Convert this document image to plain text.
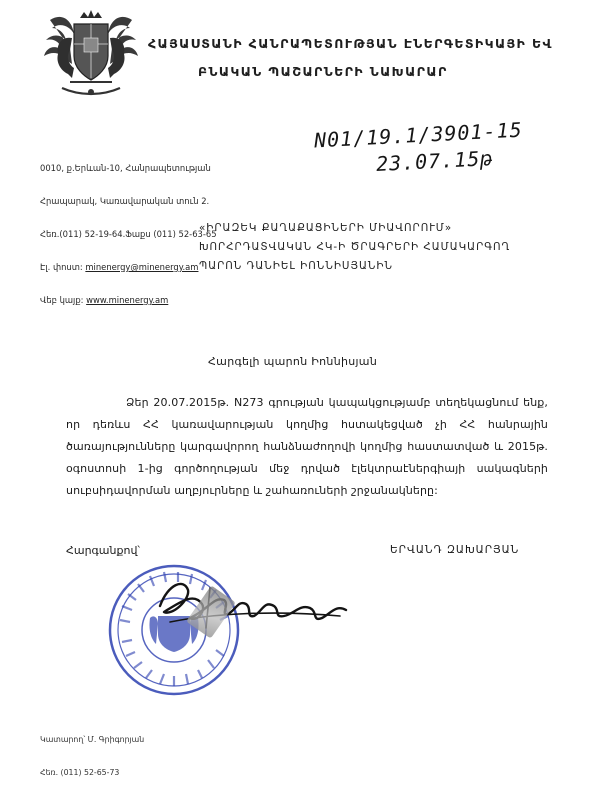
ՀԱՅԱՍՏԱՆԻ ՀԱՆՐԱՊԵՏՈՒԹՅԱՆ ԷՆԵՐԳԵՏԻԿԱՅԻ ԵՎ
ԲՆԱԿԱՆ ՊԱՇԱՐՆԵՐԻ ՆԱԽԱՐԱՐ

0010, ք.Երևան-10, Հանրապետության

Հրապարակ, Կառավարական տուն 2.

Հեռ.(011) 52-19-64.Ֆաքս (011) 52-63-65

Էլ. փոստ: minenergy@minenergy.am

Վեբ կայք: www.minenergy.am

N01/19.1/3901-15
23.07.15թ
«ԻՐԱԶԵԿ ՔԱՂԱՔԱՑԻՆԵՐԻ ՄԻԱՎՈՐՈՒՄ»
ԽՈՐՀՐԴԱՏՎԱԿԱՆ ՀԿ-Ի ԾՐԱԳՐԵՐԻ ՀԱՄԱԿԱՐԳՈՂ
ՊԱՐՈՆ ԴԱՆԻԵԼ ԻՈՆՆԻՍՅԱՆԻՆ
Հարգելի պարոն Իոննիսյան
Ձեր 20.07.2015թ. N273 գրության կապակցությամբ տեղեկացնում ենք, որ դեռևս ՀՀ կառավարության կողմից հստակեցված չի ՀՀ հանրային ծառայությունները կարգավորող հանձնաժողովի կողմից հաստատված և 2015թ. օգոստոսի 1-ից գործողության մեջ դրված էլեկտրաէներգիայի սակագների սուբսիդավորման աղբյուրները և շահառուների շրջանակները:
Հարգանքով՝	ԵՐՎԱՆԴ ԶԱԽԱՐՅԱՆ

Կատարող՝ Մ. Գրիգորյան

Հեռ. (011) 52-65-73
